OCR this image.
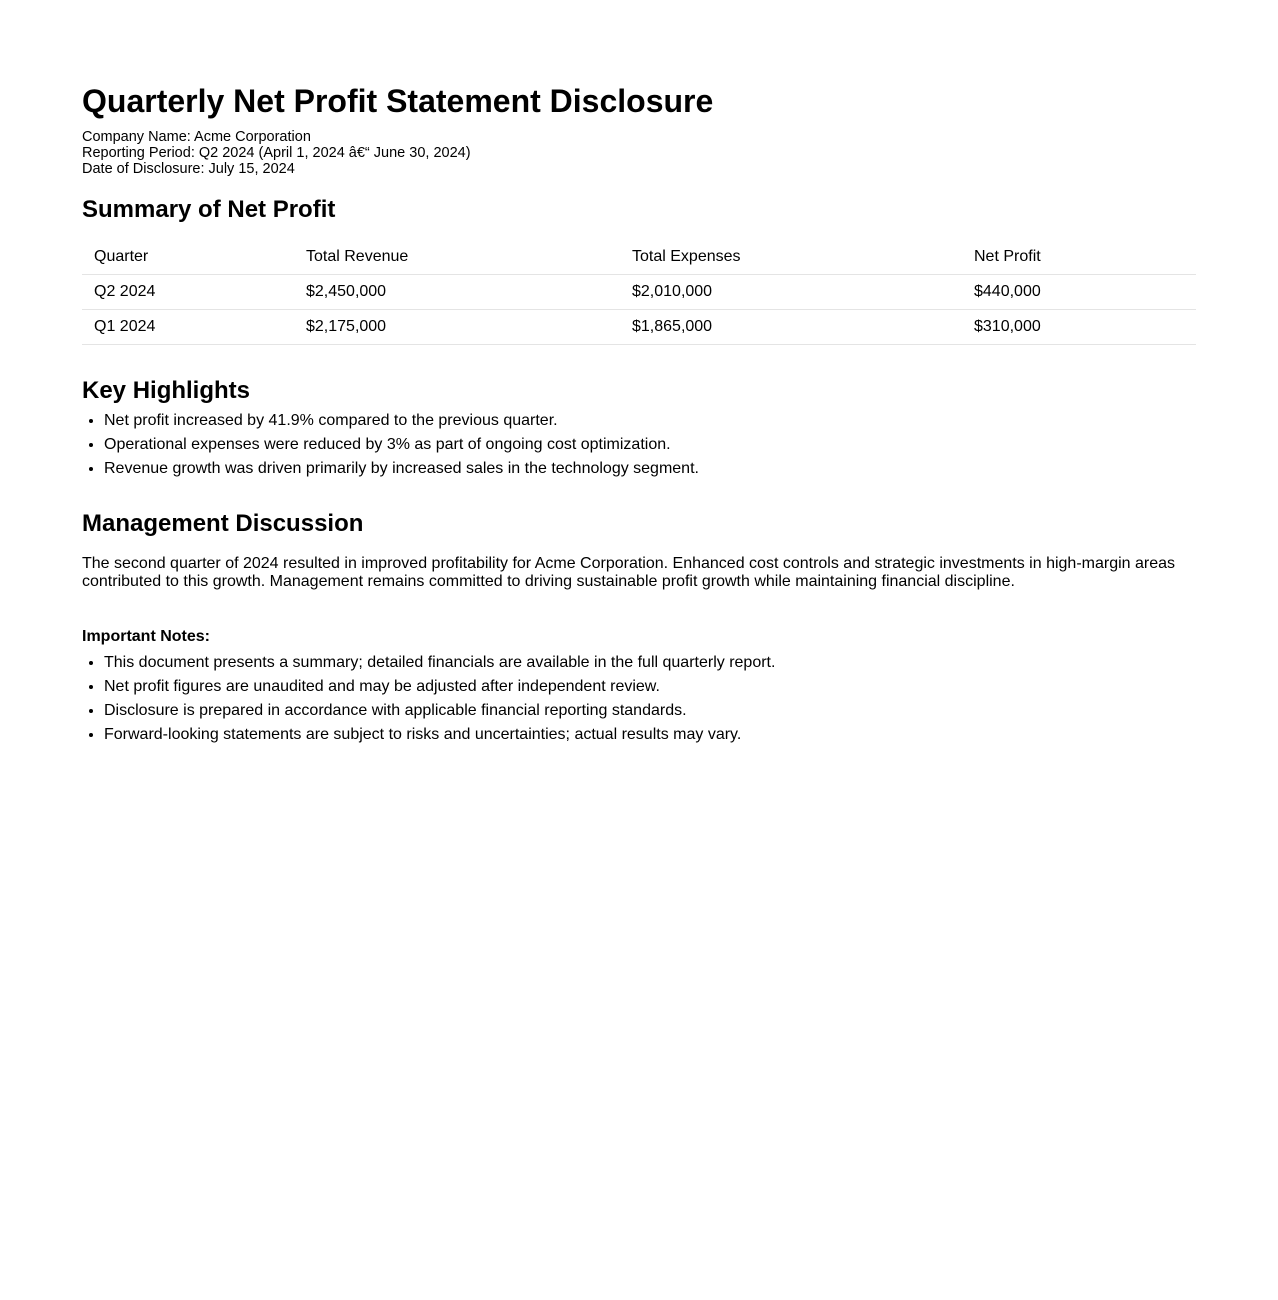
Quarterly Net Profit Statement Disclosure
Company Name: Acme Corporation
Reporting Period: Q2 2024 (April 1, 2024 â€“ June 30, 2024)
Date of Disclosure: July 15, 2024
Summary of Net Profit
Quarter	Total Revenue	Total Expenses	Net Profit
Q2 2024	$2,450,000	$2,010,000	$440,000
Q1 2024	$2,175,000	$1,865,000	$310,000
Key Highlights
• Net profit increased by 41.9% compared to the previous quarter.
• Operational expenses were reduced by 3% as part of ongoing cost optimization.
• Revenue growth was driven primarily by increased sales in the technology segment.
Management Discussion

The second quarter of 2024 resulted in improved profitability for Acme Corporation. Enhanced cost controls and strategic investments in high-margin areas contributed to this growth. Management remains committed to driving sustainable profit growth while maintaining financial discipline.

Important Notes:
• This document presents a summary; detailed financials are available in the full quarterly report.
• Net profit figures are unaudited and may be adjusted after independent review.
• Disclosure is prepared in accordance with applicable financial reporting standards.
• Forward-looking statements are subject to risks and uncertainties; actual results may vary.
